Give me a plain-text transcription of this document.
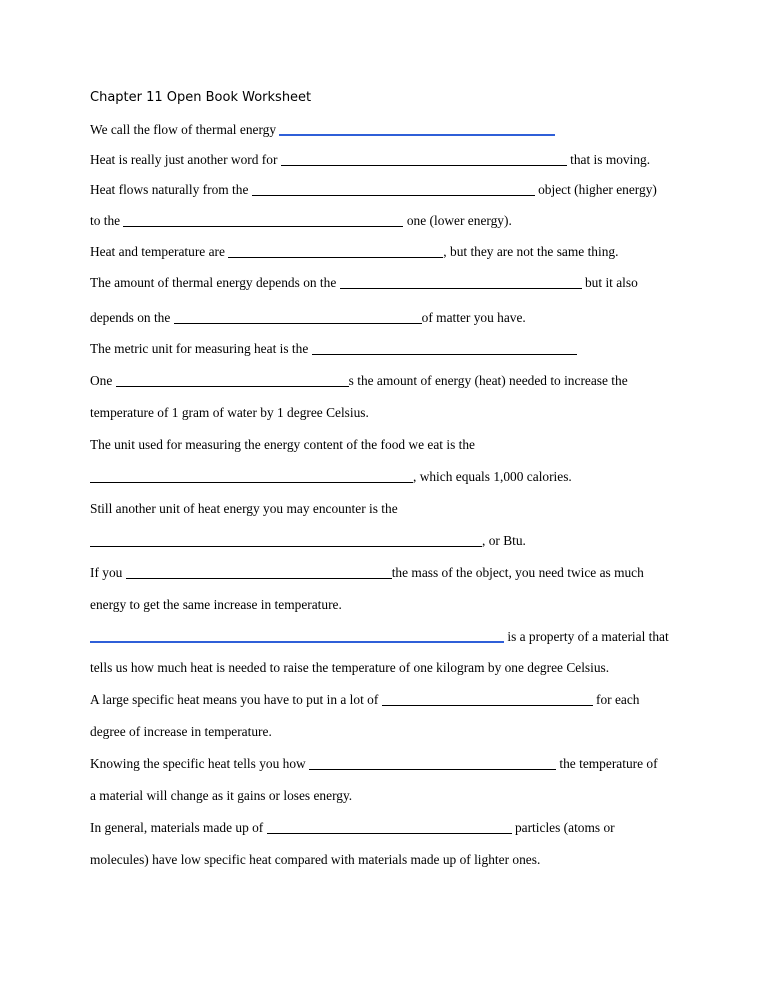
Chapter 11 Open Book Worksheet
We call the flow of thermal energy
Heat is really just another word for	that is moving.
Heat flows naturally from the	object (higher energy)
to the	one (lower energy).
Heat and temperature are	, but they are not the same thing.
The amount of thermal energy depends on the	but it also
depends on the	of matter you have.
The metric unit for measuring heat is the
One	s the amount of energy (heat) needed to increase the
temperature of 1 gram of water by 1 degree Celsius.
The unit used for measuring the energy content of the food we eat is the
, which equals 1,000 calories.
Still another unit of heat energy you may encounter is the
, or Btu.
If you	the mass of the object, you need twice as much
energy to get the same increase in temperature.
is a property of a material that
tells us how much heat is needed to raise the temperature of one kilogram by one degree Celsius.
A large specific heat means you have to put in a lot of	for each
degree of increase in temperature.
Knowing the specific heat tells you how	the temperature of
a material will change as it gains or loses energy.
In general, materials made up of	particles (atoms or
molecules) have low specific heat compared with materials made up of lighter ones.
